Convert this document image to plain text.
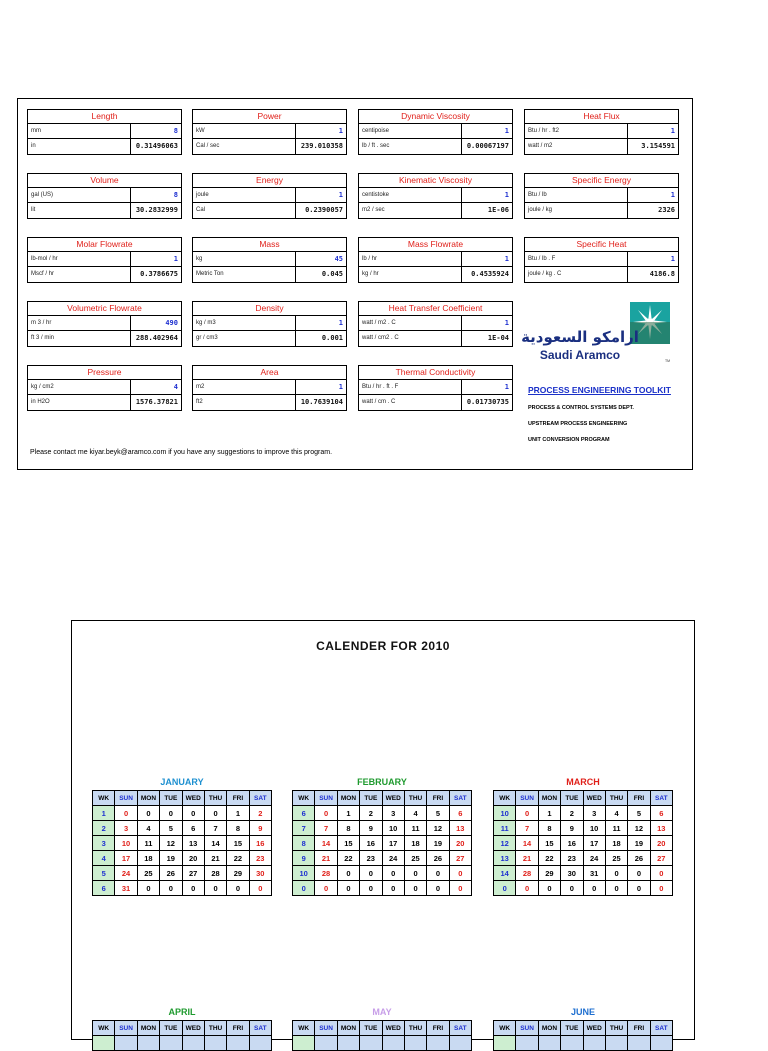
Length
mm	8
in	0.31496063
Power
kW	1
Cal / sec	239.010358
Dynamic Viscosity
centipoise	1
lb / ft . sec	0.00067197
Heat Flux
Btu / hr . ft2	1
watt / m2	3.154591
Volume
gal (US)	8
lit	30.2832999
Energy
joule	1
Cal	0.2390057
Kinematic Viscosity
centistoke	1
m2 / sec	1E-06
Specific Energy
Btu / lb	1
joule / kg	2326
Molar Flowrate
lb-mol / hr	1
Mscf / hr	0.3786675
Mass
kg	45
Metric Ton	0.045
Mass Flowrate
lb / hr	1
kg / hr	0.4535924
Specific Heat
Btu / lb . F	1
joule / kg . C	4186.8
Volumetric Flowrate
m 3 / hr	490
ft 3 / min	288.402964
Density
kg / m3	1
gr / cm3	0.001
Heat Transfer Coefficient
watt / m2 . C	1
watt / cm2 . C	1E-04
Pressure
kg / cm2	4
in H2O	1576.37821
Area
m2	1
ft2	10.7639104
Thermal Conductivity
Btu / hr . ft . F	1
watt / cm . C	0.01730735
Please contact me kiyar.beyk@aramco.com if you have any suggestions to improve this program.
ارامكو السعودية
Saudi Aramco	TM
PROCESS ENGINEERING TOOLKIT
PROCESS & CONTROL SYSTEMS DEPT.
UPSTREAM PROCESS ENGINEERING
UNIT CONVERSION PROGRAM
CALENDER FOR 2010
JANUARY
WK	SUN	MON	TUE	WED	THU	FRI	SAT
1	0	0	0	0	0	1	2
2	3	4	5	6	7	8	9
3	10	11	12	13	14	15	16
4	17	18	19	20	21	22	23
5	24	25	26	27	28	29	30
6	31	0	0	0	0	0	0
FEBRUARY
WK	SUN	MON	TUE	WED	THU	FRI	SAT
6	0	1	2	3	4	5	6
7	7	8	9	10	11	12	13
8	14	15	16	17	18	19	20
9	21	22	23	24	25	26	27
10	28	0	0	0	0	0	0
0	0	0	0	0	0	0	0
MARCH
WK	SUN	MON	TUE	WED	THU	FRI	SAT
10	0	1	2	3	4	5	6
11	7	8	9	10	11	12	13
12	14	15	16	17	18	19	20
13	21	22	23	24	25	26	27
14	28	29	30	31	0	0	0
0	0	0	0	0	0	0	0
APRIL
WK	SUN	MON	TUE	WED	THU	FRI	SAT

MAY
WK	SUN	MON	TUE	WED	THU	FRI	SAT

JUNE
WK	SUN	MON	TUE	WED	THU	FRI	SAT
